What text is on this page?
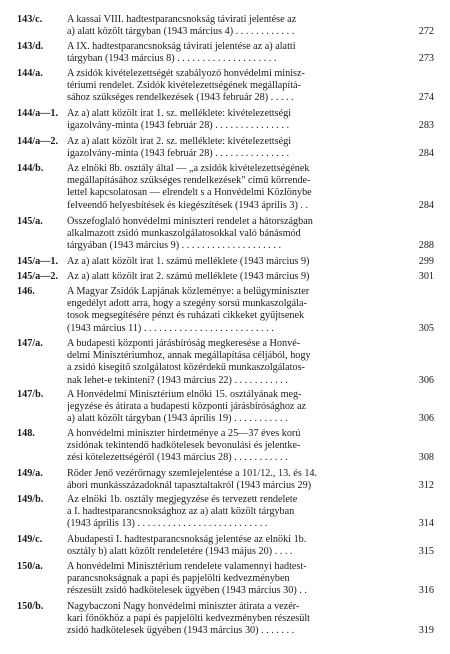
143/c. A kassai VIII. hadtestparancsnokság távirati jelentése az
a) alatt közölt tárgyban (1943 március 4) . . . . . . . . . . . .	272
143/d. A IX. hadtestparancsnokság távirati jelentése az a) alatti
tárgyban (1943 március 8) . . . . . . . . . . . . . . . . . . . .	273
144/a. A zsidók kivételezettségét szabályozó honvédelmi minisz-
tériumi rendelet. Zsidók kivételezettségének megállapítá-
sához szükséges rendelkezések (1943 február 28) . . . . .	274
144/a—1. Az a) alatt közölt irat 1. sz. melléklete: kivételezettségi
igazolvány-minta (1943 február 28) . . . . . . . . . . . . . . .	283
144/a—2. Az a) alatt közölt irat 2. sz. melléklete: kivételezettségi
igazolvány-minta (1943 február 28) . . . . . . . . . . . . . . .	284
144/b. Az elnöki 8b. osztály által — „a zsidók kivételezettségének
megállapításához szükséges rendelkezések" című körrende-
lettel kapcsolatosan — elrendelt s a Honvédelmi Közlönybe
felveendő helyesbítések és kiegészítések (1943 április 3) . .	284
145/a. Összefoglaló honvédelmi miniszteri rendelet a hátországban
alkalmazott zsidó munkaszolgálatosokkal való bánásmód
tárgyában (1943 március 9) . . . . . . . . . . . . . . . . . . . .	288
145/a—1. Az a) alatt közölt irat 1. számú melléklete (1943 március 9)	299
145/a—2. Az a) alatt közölt irat 2. számú melléklete (1943 március 9)	301
146.	A Magyar Zsidók Lapjának közleménye: a belügyminiszter
engedélyt adott arra, hogy a szegény sorsú munkaszolgála-
tosok megsegítésére pénzt és ruházati cikkeket gyűjtsenek
(1943 március 11) . . . . . . . . . . . . . . . . . . . . . . . . . .	305
147/a. A budapesti központi járásbíróság megkeresése a Honvé-
delmi Minisztériumhoz, annak megállapítása céljából, hogy
a zsidó kisegítő szolgálatost közérdekű munkaszolgálatos-
nak lehet-e tekinteni? (1943 március 22) . . . . . . . . . . .	306
147/b. A Honvédelmi Minisztérium elnöki 15. osztályának meg-
jegyzése és átirata a budapesti központi járásbírósághoz az
a) alatt közölt tárgyban (1943 április 19) . . . . . . . . . . .	306
148.	A honvédelmi miniszter hirdetménye a 25—37 éves korú
zsidónak tekintendő hadkötelesek bevonulási és jelentke-
zési kötelezettségéről (1943 március 28) . . . . . . . . . . .	308
149/a. Röder Jenő vezérőrnagy szemlejelentése a 101/12., 13. és 14.
ábori munkásszázadoknál tapasztaltakról (1943 március 29)	312
149/b. Az elnöki 1b. osztály megjegyzése és tervezett rendelete
a I. hadtestparancsnoksághoz az a) alatt közölt tárgyban
(1943 április 13) . . . . . . . . . . . . . . . . . . . . . . . . . .	314
149/c. Abudapesti I. hadtestparancsnokság jelentése az elnöki 1b.
osztály b) alatt közölt rendeletére (1943 május 20) . . . .	315
150/a. A honvédelmi Minisztérium rendelete valamennyi hadtest-
parancsnokságnak a papi és papjelölti kedvezményben
részesült zsidó hadkötelesek ügyében (1943 március 30) . .	316
150/b. Nagybaczoni Nagy honvédelmi miniszter átirata a vezér-
kari főnökhöz a papi és papjelölti kedvezményben részesült
zsidó hadkötelesek ügyében (1943 március 30) . . . . . . .	319
